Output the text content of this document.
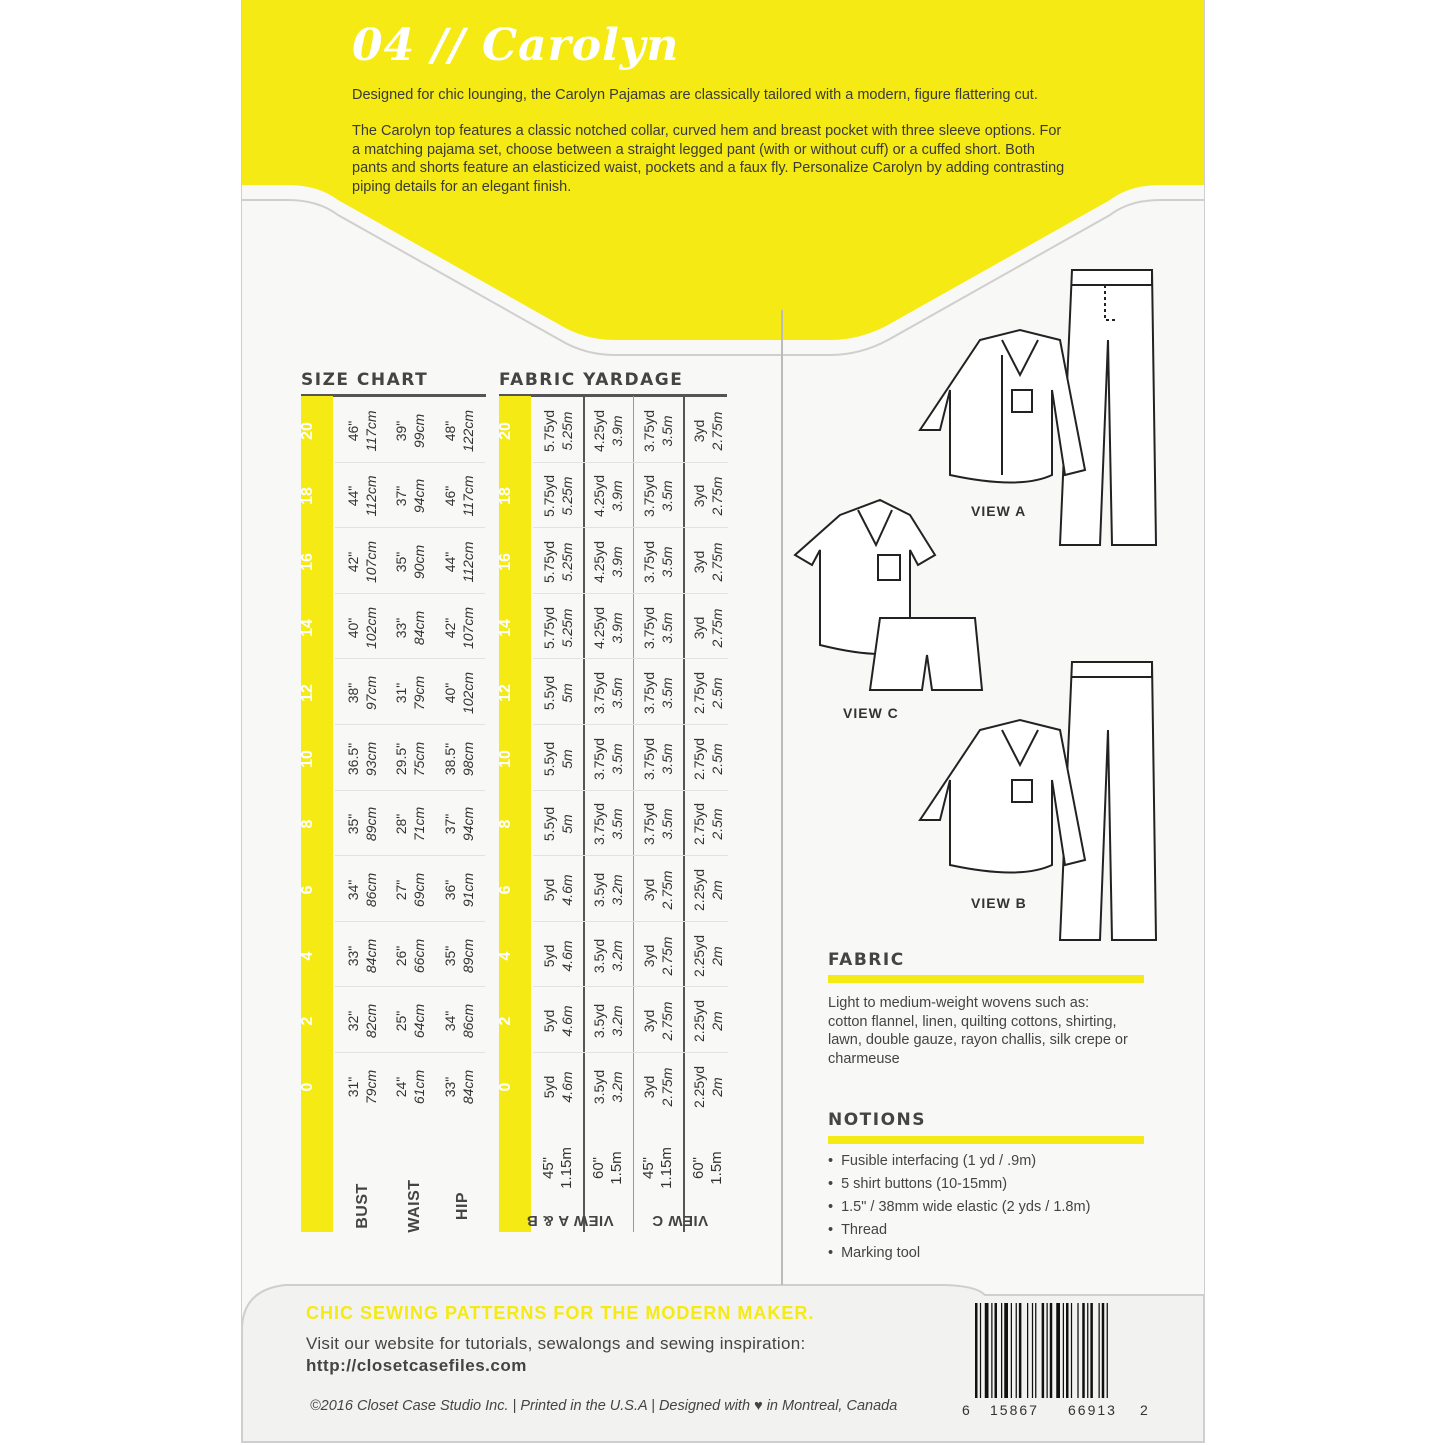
04 // Carolyn
Designed for chic lounging, the Carolyn Pajamas are classically tailored with a modern, figure flattering cut.
The Carolyn top features a classic notched collar, curved hem and breast pocket with three sleeve options. For
a matching pajama set, choose between a straight legged pant (with or without cuff) or a cuffed short. Both
pants and shorts feature an elasticized waist, pockets and a faux fly. Personalize Carolyn by adding contrasting
piping details for an elegant finish.
SIZE CHART	FABRIC YARDAGE
20	20
46" 117cm 39" 99cm 48" 122cm	5.75yd 5.25m 4.25yd 3.9m 3.75yd 3.5m 3yd 2.75m
18	18
44" 112cm 37" 94cm 46" 117cm	5.75yd 5.25m 4.25yd 3.9m 3.75yd 3.5m 3yd 2.75m
16	16
42" 107cm 35" 90cm 44" 112cm	5.75yd 5.25m 4.25yd 3.9m 3.75yd 3.5m 3yd 2.75m
14	14
40" 102cm 33" 84cm 42" 107cm	5.75yd 5.25m 4.25yd 3.9m 3.75yd 3.5m 3yd 2.75m
12	12
38" 97cm 31" 79cm 40" 102cm	5.5yd 5m 3.75yd 3.5m 3.75yd 3.5m 2.75yd 2.5m
10	10
36.5" 93cm 29.5" 75cm 38.5" 98cm	5.5yd 5m 3.75yd 3.5m 3.75yd 3.5m 2.75yd 2.5m
8	8
35" 89cm 28" 71cm 37" 94cm	5.5yd 5m 3.75yd 3.5m 3.75yd 3.5m 2.75yd 2.5m
6	6
34" 86cm 27" 69cm 36" 91cm	5yd 4.6m 3.5yd 3.2m 3yd 2.75m 2.25yd 2m
4	4
33" 84cm 26" 66cm 35" 89cm	5yd 4.6m 3.5yd 3.2m 3yd 2.75m 2.25yd 2m
2	2
32" 82cm 25" 64cm 34" 86cm	5yd 4.6m 3.5yd 3.2m 3yd 2.75m 2.25yd 2m
0	0
31" 79cm 24" 61cm 33" 84cm	5yd 4.6m 3.5yd 3.2m 3yd 2.75m 2.25yd 2m
45" 1.15m 60" 1.5m 45" 1.15m 60" 1.5m
BUST WAIST HIP
VIEW A & B	VIEW C
VIEW A
VIEW C
VIEW B
FABRIC
Light to medium-weight wovens such as:
cotton flannel, linen, quilting cottons, shirting,
lawn, double gauze, rayon challis, silk crepe or
charmeuse
NOTIONS
• Fusible interfacing (1 yd / .9m)
• 5 shirt buttons (10-15mm)
• 1.5" / 38mm wide elastic (2 yds / 1.8m)
• Thread
• Marking tool
CHIC SEWING PATTERNS FOR THE MODERN MAKER.
Visit our website for tutorials, sewalongs and sewing inspiration:
http://closetcasefiles.com
©2016 Closet Case Studio Inc. | Printed in the U.S.A | Designed with ♥ in Montreal, Canada	6 15867 66913 2
